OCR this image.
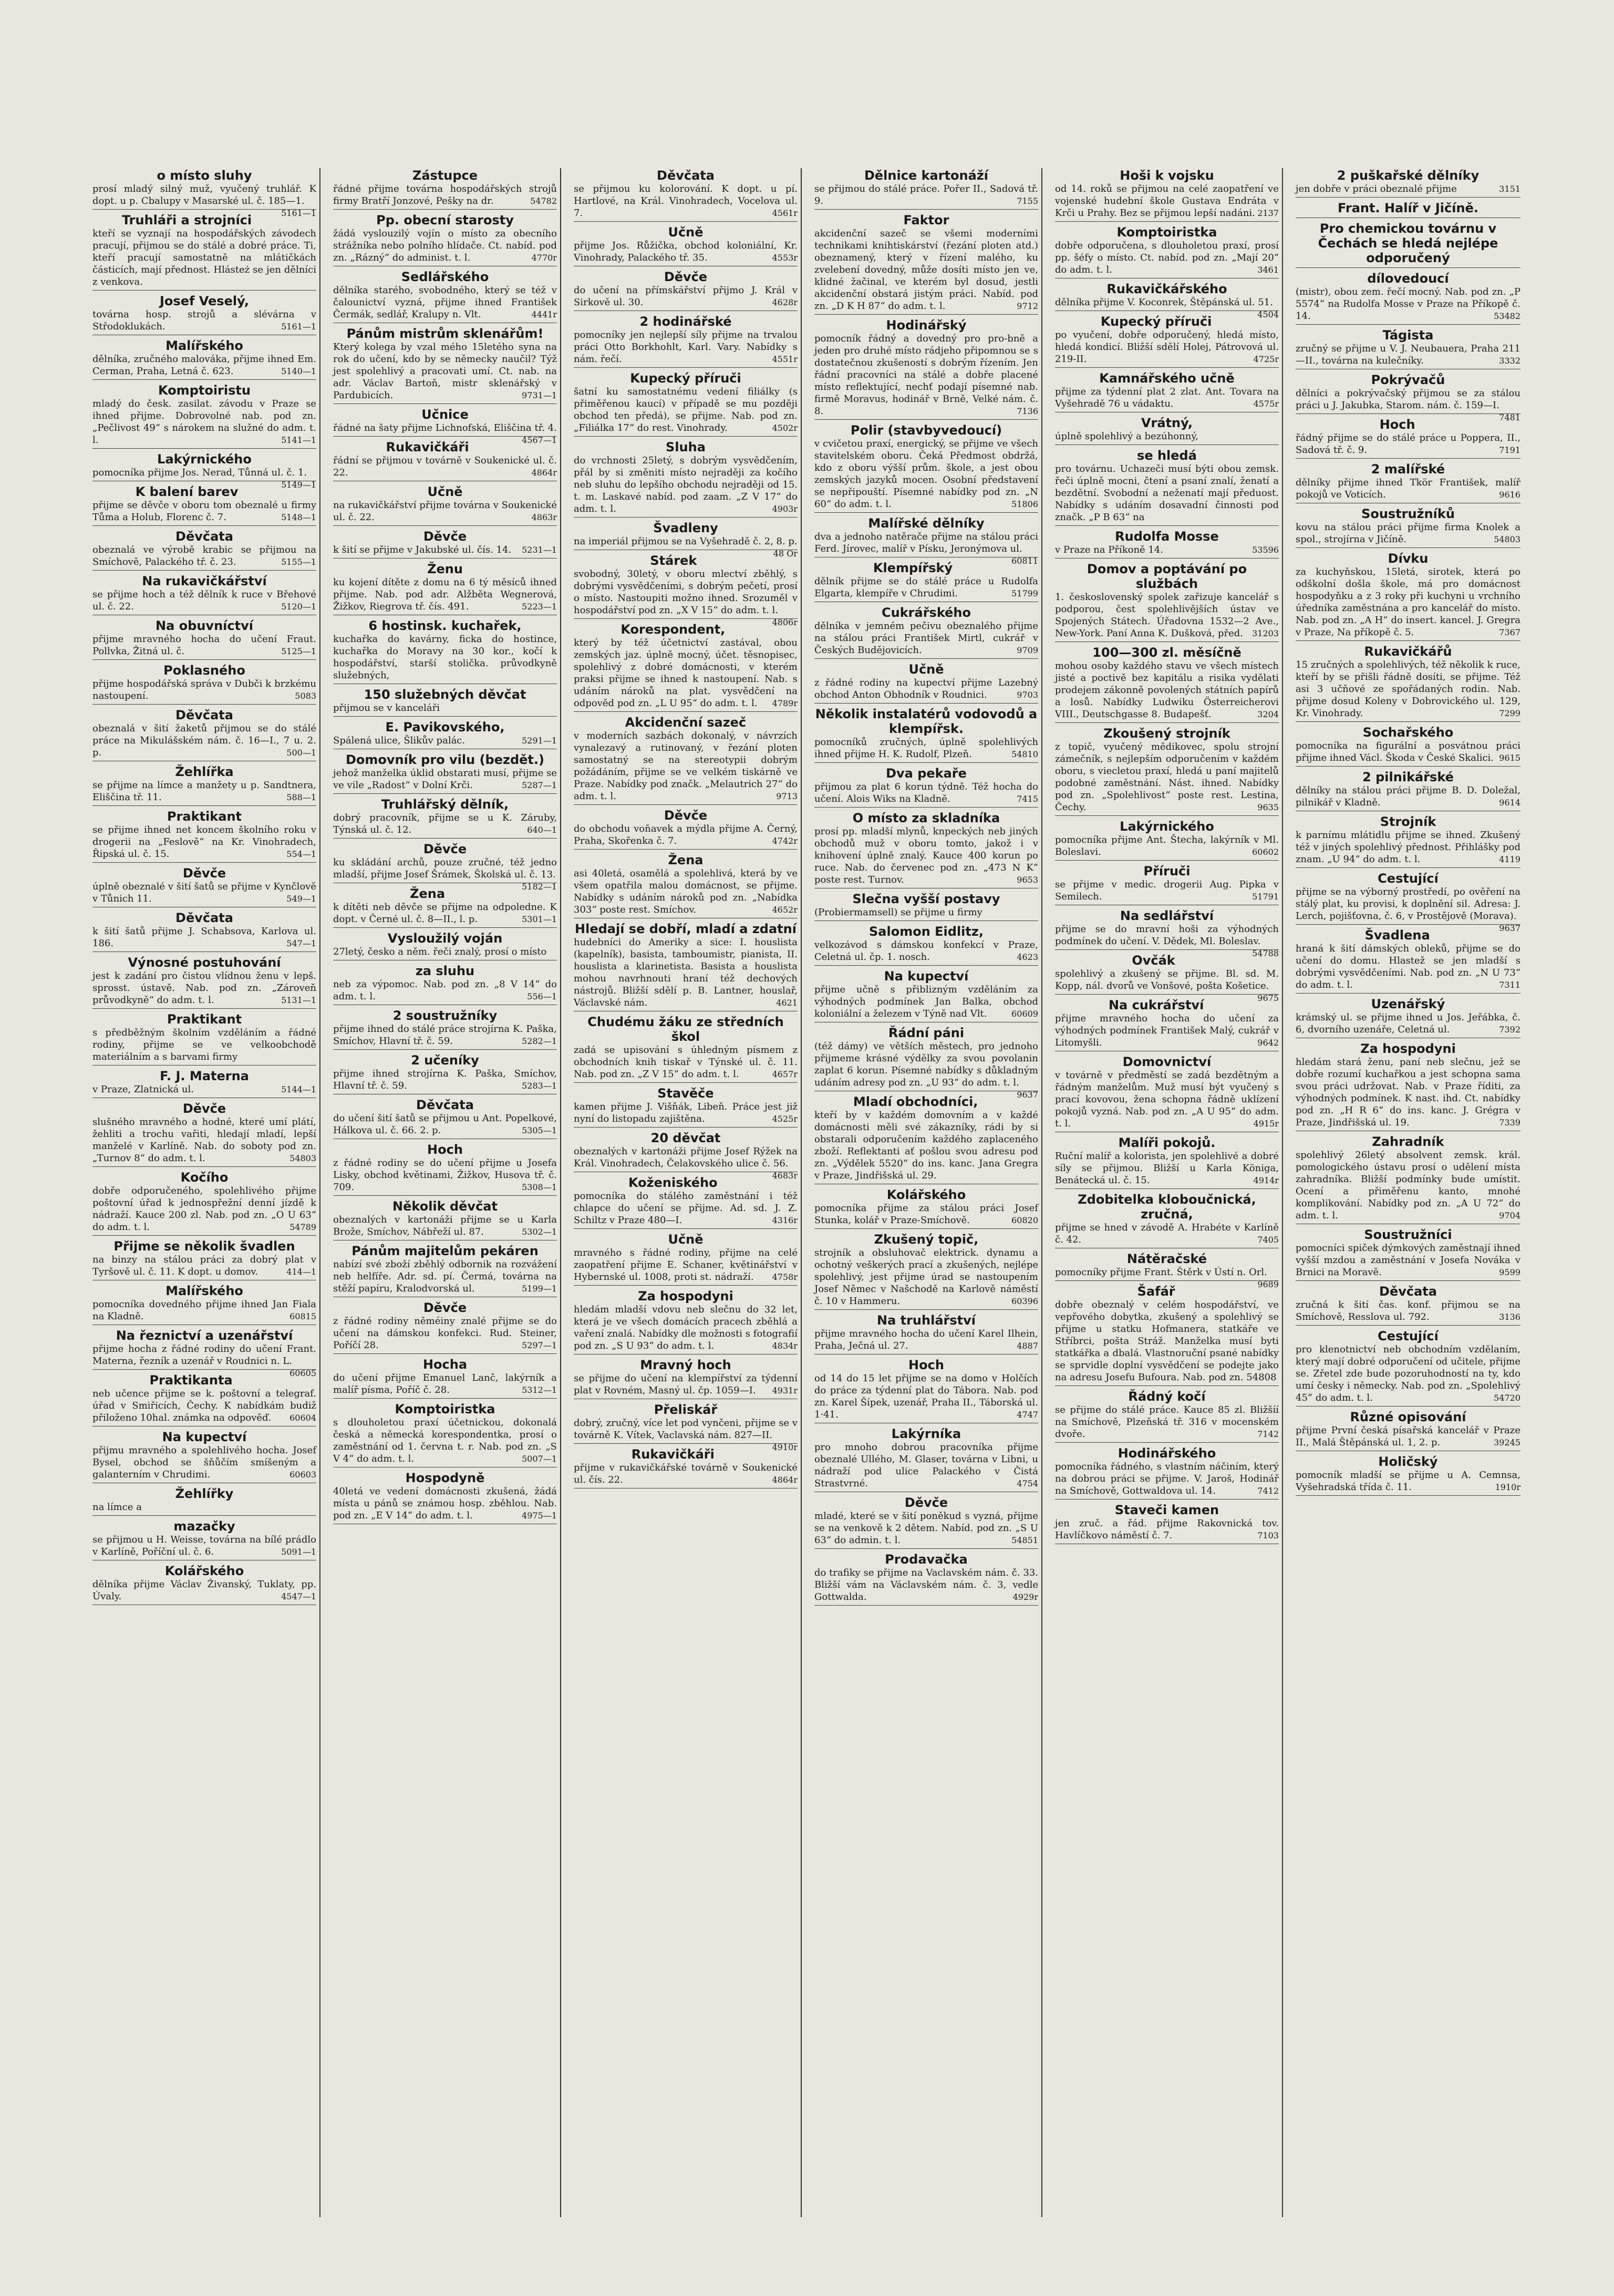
o místo sluhy
prosí mladý silný muž, vyučený truhlář. K dopt. u p. Cbalupy v Masarské ul. č. 185—1.
5161—1
Truhláři a strojníci
kteří se vyznají na hospodářských závodech pracují, přijmou se do stálé a dobré práce. Ti, kteří pracují samostatně na mlátičkách částicích, mají přednost. Hlásteż se jen dělníci z venkova.
Josef Veselý,
továrna hosp. strojů a slévárna v Střodoklukách.	5161—1
Malířského
dělníka, zručného malováka, přijme ihned Em. Cerman, Praha, Letná č. 623.	5140—1
Komptoiristu
mladý do česk. zasilat. závodu v Praze se ihned přijme. Dobrovolné nab. pod zn. „Pečlivost 49“ s nárokem na služné do adm. t. l.	5141—1
Lakýrnického
pomocníka přijme Jos. Nerad, Tůnná ul. č. 1.
5149—1
K balení barev
přijme se děvče v oboru tom obeznalé u firmy Tůma a Holub, Florenc č. 7.	5148—1
Děvčata
obeznalá ve výrobě krabic se přijmou na Smíchově, Palackého tř. č. 23.	5155—1
Na rukavičkářství
se přijme hoch a též dělník k ruce v Břehové ul. č. 22.	5120—1
Na obuvníctví
přijme mravného hocha do učení Fraut. Pollvka, Žitná ul. č.	5125—1
Poklasného
přijme hospodářská správa v Dubči k brzkému nastoupení.	5083
Děvčata
obeznalá v šití žaketů přijmou se do stálé práce na Mikulášském nám. č. 16—I., 7 u. 2. p.	500—1
Žehlířka
se přijme na límce a manžety u p. Sandtnera, Eliščina tř. 11.	588—1
Praktikant
se přijme ihned net koncem školního roku v drogerii na „Feslově“ na Kr. Vinohradech, Řipská ul. č. 15.	554—1
Děvče
úplně obeznalé v šití šatů se přijme v Kynčlově v Tůnich 11.	549—1
Děvčata
k šití šatů přijme J. Schabsova, Karlova ul. 186.	547—1
Výnosné postuhování
jest k zadání pro čistou vlídnou ženu v lepš. sprosst. ústavě. Nab. pod zn. „Zároveň průvodkyně“ do adm. t. l.	5131—1
Praktikant
s předběžným školním vzděláním a řádné rodiny, přijme se ve velkoobchodě materiálním a s barvami firmy
F. J. Materna
v Praze, Zlatnická ul.	5144—1
Děvče
slušného mravného a hodné, které umí plátí, žehliti a trochu vařiti, hledají mladí, lepší manželé v Karlíně. Nab. do soboty pod zn. „Turnov 8“ do adm. t. l.	54803
Kočího
dobře odporučeného, spolehlivého přijme poštovní úřad k jednospřežní denní jízdě k nádraží. Kauce 200 zl. Nab. pod zn. „O U 63“ do adm. t. l.	54789
Přijme se několik švadlen
na binzy na stálou práci za dobrý plat v Tyršově ul. č. 11. K dopt. u domov.	414—1
Malířského
pomocníka dovedného přijme ihned Jan Fiala na Kladně.	60815
Na řeznictví a uzenářství
přijme hocha z řádné rodiny do učení Frant. Materna, řezník a uzenář v Roudnici n. L.
60605
Praktikanta
neb učence přijme se k. poštovní a telegraf. úřad v Smiřicích, Čechy. K nabídkám budiž přiloženo 10hal. známka na odpověď. 60604
Na kupectví
přijmu mravného a spolehlivého hocha. Josef Bysel, obchod se šňůčím smíšeným a galanterním v Chrudimi.	60603
Žehlířky
na límce a
mazačky
se přijmou u H. Weisse, továrna na bílé prádlo v Karlíně, Poříční ul. č. 6.	5091—1
Kolářského
dělníka přijme Václav Živanský, Tuklaty, pp. Úvaly.	4547—1
Zástupce
řádné přijme továrna hospodářských strojů firmy Bratří Jonzové, Pešky na dr.	54782
Pp. obecní starosty
žádá vyslouzilý vojín o místo za obecního strážníka nebo polního hlídače. Ct. nabíd. pod zn. „Rázný“ do administ. t. l.	4770r
Sedlářského
dělníka starého, svobodného, který se též v čalounictví vyzná, přijme ihned František Čermák, sedlář, Kralupy n. Vlt.	4441r
Pánům mistrům sklenářům!
Který kolega by vzal mého 15letého syna na rok do učení, kdo by se německy naučil? Týž jest spolehlivý a pracovati umí. Ct. nab. na adr. Václav Bartoň, mistr sklenářský v Pardubicích.	9731—1
Učnice
řádné na šaty přijme Lichnofská, Eliščina tř. 4.
4567—1
Rukavičkáři
řádní se přijmou v továrně v Soukenické ul. č. 22.	4864r
Učně
na rukavičkářství přijme továrna v Soukenické ul. č. 22.	4863r
Děvče
k šití se přijme v Jakubské ul. čís. 14. 5231—1
Ženu
ku kojení dítěte z domu na 6 tý měsíců ihned přijme. Nab. pod adr. Alžběta Wegnerová, Žižkov, Riegrova tř. čís. 491.	5223—1
6 hostinsk. kuchařek,
kuchařka do kavárny, ficka do hostince, kuchařka do Moravy na 30 kor., kočí k hospodářství, starší stolička. průvodkyně služebných,
150 služebných děvčat
přijmou se v kanceláři
E. Pavikovského,
Spálená ulice, Šlikův palác.	5291—1
Domovník pro vilu (bezdět.)
jehož manželka úklid obstarati musí, přijme se ve vile „Radost“ v Dolní Krči.	5287—1
Truhlářský dělník,
dobrý pracovník, přijme se u K. Záruby, Týnská ul. č. 12.	640—1
Děvče
ku skládání archů, pouze zručné, též jedno mladší, přijme Josef Šrámek, Školská ul. č. 13.
5182—1
Žena
k dítěti neb děvče se přijme na odpoledne. K dopt. v Černé ul. č. 8—II., l. p.	5301—1
Vysloužilý voján
27letý, česko a něm. řeči znalý, prosí o místo
za sluhu
neb za výpomoc. Nab. pod zn. „8 V 14“ do adm. t. l.	556—1
2 soustružníky
přijme ihned do stálé práce strojírna K. Paška, Smíchov, Hlavní tř. č. 59.	5282—1
2 učeníky
přijme ihned strojírna K. Paška, Smíchov, Hlavní tř. č. 59.	5283—1
Děvčata
do učení šití šatů se přijmou u Ant. Popelkové, Hálkova ul. č. 66. 2. p.	5305—1
Hoch
z řádné rodiny se do učení přijme u Josefa Lisky, obchod květinami, Žižkov, Husova tř. č. 709.	5308—1
Několik děvčat
obeznalých v kartonáži přijme se u Karla Brože, Smíchov, Nábřeží ul. 87.	5302—1
Pánům majitelům pekáren
nabízí své zboží zběhlý odbornik na rozvážení neb helfíře. Adr. sd. pí. Čermá, továrna na stěží papíru, Kralodvorská ul.	5199—1
Děvče
z řádné rodiny něméiny znalé přijme se do učení na dámskou konfekci. Rud. Steiner, Poříčí 28.	5297—1
Hocha
do učení přijme Emanuel Lanč, lakýrník a malíř písma, Poříč č. 28.	5312—1
Komptoiristka
s dlouholetou praxí účetnickou, dokonalá česká a německá korespondentka, prosí o zaměstnání od 1. června t. r. Nab. pod zn. „S V 4“ do adm. t. l.	5007—1
Hospodyně
40letá ve vedení domácnosti zkušená, žádá místa u pánů se známou hosp. zběhlou. Nab. pod zn. „E V 14“ do adm. t. l.	4975—1
Děvčata
se přijmou ku kolorování. K dopt. u pí. Hartlové, na Král. Vinohradech, Vocelova ul. 7.	4561r
Učně
přijme Jos. Růžička, obchod koloniální, Kr. Vinohrady, Palackého tř. 35.	4553r
Děvče
do učení na přímskářství přijmo J. Král v Sirkově ul. 30.	4628r
2 hodinářské
pomocníky jen nejlepší síly přijme na trvalou práci Otto Borkhohlt, Karl. Vary. Nabídky s nám. řečí.	4551r
Kupecký příruči
šatní ku samostatnému vedení filiálky (s přiměřenou kaucí) v případě se mu později obchod ten předá), se přijme. Nab. pod zn. „Filiálka 17“ do rest. Vinohrady.	4502r
Sluha
do vrchnosti 25letý, s dobrým vysvědčením, přál by si změniti místo nejraději za kočího neb sluhu do lepšího obchodu nejraději od 15. t. m. Laskavé nabíd. pod zaam. „Z V 17“ do adm. t. l.	4903r
Švadleny
na imperiál přijmou se na Vyšehradě č. 2, 8. p.
48 Or
Stárek
svobodný, 30letý, v oboru mlectví zběhlý, s dobrými vysvědčeními, s dobrým pečetí, prosí o místo. Nastoupiti možno ihned. Srozuměl v hospodářství pod zn. „X V 15“ do adm. t. l.
4806r
Korespondent,
který by též účetnictví zastával, obou zemských jaz. úplně mocný, účet. těsnopisec, spolehlivý z dobré domácnosti, v kterém praksi přijme se ihned k nastoupení. Nab. s udáním nároků na plat. vysvědčení na odpověd pod zn. „L U 95“ do adm. t. l. 4789r
Akcidenční sazeč
v moderních sazbách dokonalý, v návrzích vynalezavý a rutinovaný, v řezání ploten samostatný se na stereotypii dobrým požádáním, přijme se ve velkém tiskárně ve Praze. Nabídky pod značk. „Melautrich 27“ do adm. t. l.	9713
Děvče
do obchodu voňavek a mýdla přijme A. Černý, Praha, Skořenka č. 7.	4742r
Žena
asi 40letá, osamělá a spolehlivá, která by ve všem opatřila malou domácnost, se přijme. Nabídky s udáním nároků pod zn. „Nabídka 303“ poste rest. Smíchov.	4652r
Hledají se dobří, mladí a zdatní
hudebníci do Ameriky a sice: I. houslista (kapelník), basista, tamboumistr, pianista, II. houslista a klarinetista. Basista a houslista mohou navrhnouti hraní též dechových nástrojů. Bližší sdělí p. B. Lantner, houslař, Václavské nám.	4621
Chudému žáku ze středních škol
zadá se upisování s úhledným písmem z obchodních knih tiskař v Týnské ul. č. 11. Nab. pod zn. „Z V 15“ do adm. t. l.	4657r
Stavěče
kamen přijme J. Višňák, Libeň. Práce jest již nyní do listopadu zajištěna.	4525r
20 děvčat
obeznalých v kartonáži přijme Josef Rýžek na Král. Vinohradech, Čelakovského ulice č. 56.
4683r
Koženiského
pomocníka do stálého zaměstnání i též chlapce do učení se přijme. Ad. sd. J. Z. Schiltz v Praze 480—I.	4316r
Učně
mravného s řádné rodiny, přijme na celé zaopatření přijme E. Schaner, květinářství v Hybernské ul. 1008, proti st. nádraží. 4758r
Za hospodyni
hledám mladší vdovu neb slečnu do 32 let, která je ve všech domácích pracech zběhlá a vaření znalá. Nabídky dle možnosti s fotografií pod zn. „S U 93“ do adm. t. l.	4834r
Mravný hoch
se přijme do učení na klempířství za týdenní plat v Rovném, Masný ul. čp. 1059—I. 4931r
Přeliskář
dobrý, zručný, více let pod vynčeni, přijme se v továrně K. Vítek, Vaclavská nám. 827—II.
4910r
Rukavičkáři
přijme v rukavičkářské továrně v Soukenické ul. čís. 22.	4864r
Dělnice kartonáží
se přijmou do stálé práce. Pořer II., Sadová tř. 9.	7155
Faktor
akcidenční sazeč se všemi moderními technikami knihtiskárství (řezání ploten atd.) obeznamený, který v řízení malého, ku zvelebení dovedný, může dosíti místo jen ve, klidné žačinal, ve kterém byl dosud, jestli akcidenční obstará jistým práci. Nabíd. pod zn. „D K H 87“ do adm. t. l.	9712
Hodinářský
pomocník řádný a dovedný pro pro-bně a jeden pro druhé místo rádjeho připomnou se s dostatečnou zkušeností s dobrým řízením. Jen řádní pracovníci na stálé a dobře placené místo reflektující, nechť podají písemné nab. firmě Moravus, hodinář v Brně, Velké nám. č. 8.	7136
Polir (stavbyvedoucí)
v cvičetou praxí, energický, se přijme ve všech stavitelském oboru. Čeká Předmost obdržá, kdo z oboru výšší prům. škole, a jest obou zemských jazyků mocen. Osobní představení se nepřipouští. Písemné nabídky pod zn. „N 60“ do adm. t. l.	51806
Malířské dělníky
dva a jednoho natěrače přijme na stálou práci Ferd. Jírovec, malíř v Písku, Jeronýmova ul.
60811
Klempířský
dělník přijme se do stálé práce u Rudolfa Elgarta, klempíře v Chrudimi.	51799
Cukrářského
dělníka v jemném pečivu obeznalého přijme na stálou práci František Mirtl, cukrář v Českých Budějovicích.	9709
Učně
z řádné rodiny na kupectví přijme Lazebný obchod Anton Obhodník v Roudnici.	9703
Několik instalatérů vodovodů a klempířsk.
pomocníků zručných, úplně spolehlivých ihned přijme H. K. Rudolf, Plzeň.	54810
Dva pekaře
přijmou za plat 6 korun týdně. Též hocha do učení. Alois Wiks na Kladně.	7415
O místo za skladníka
prosí pp. mladší mlynů, knpeckých neb jiných obchodů muž v oboru tomto, jakož i v knihovení úplně znalý. Kauce 400 korun po ruce. Nab. do červenec pod zn. „473 N K“ poste rest. Turnov.	9653
Slečna vyšší postavy
(Probiermamsell) se přijme u firmy
Salomon Eidlitz,
velkozávod s dámskou konfekcí v Praze, Celetná ul. čp. 1. nosch.	4623
Na kupectví
přijme učně s přiblizným vzděláním za výhodných podmínek Jan Balka, obchod koloniální a železem v Týně nad Vlt.	60609
Řádní páni
(též dámy) ve větších městech, pro jednoho přijmeme krásné výdělky za svou povolanin zaplat 6 korun. Písemné nabídky s důkladným udáním adresy pod zn. „U 93“ do adm. t. l.
9637
Mladí obchodníci,
kteří by v každém domovním a v každé domácnosti měli své zákazníky, rádi by si obstarali odporučením každého zaplaceného zboží. Reflektanti ať pošlou svou adresu pod zn. „Výdělek 5520“ do ins. kanc. Jana Gregra v Praze, Jindřišská ul. 29.
Kolářského
pomocníka přijme za stálou práci Josef Stunka, kolář v Praze-Smíchově.	60820
Zkušený topič,
strojník a obsluhovač elektrick. dynamu a ochotný veškerých prací a zkušených, nejlépe spolehlivý, jest přijme úrad se nastoupením Josef Němec v Našchodě na Karlově náměstí č. 10 v Hammeru.	60396
Na truhlářství
přijme mravného hocha do učení Karel Ilhein, Praha, Ječná ul. 27.	4887
Hoch
od 14 do 15 let přijme se na domo v Holčích do práce za týdenní plat do Tábora. Nab. pod zn. Karel Šípek, uzenář, Praha II., Táborská ul. 1·41.	4747
Lakýrníka
pro mnoho dobrou pracovníka přijme obeznalé Ullého, M. Glaser, továrna v Libni, u nádraží pod ulice Palackého v Čistá Strastvrné.	4754
Děvče
mladé, které se v šití poněkud s vyzná, přijme se na venkově k 2 dětem. Nabíd. pod zn. „S U 63“ do admin. t. l.	54851
Prodavačka
do trafiky se přijme na Vaclavském nám. č. 33. Bližší vám na Václavském nám. č. 3, vedle Gottwalda.	4929r
Hoši k vojsku
od 14. roků se přijmou na celé zaopatření ve vojenské hudební škole Gustava Endráta v Krči u Prahy. Bez se přijmou lepší nadáni. 2137
Komptoiristka
dobře odporučena, s dlouholetou praxí, prosí pp. šéfy o místo. Ct. nabíd. pod zn. „Mají 20“ do adm. t. l.	3461
Rukavičkářského
dělníka přijme V. Koconrek, Štěpánská ul. 51.
4504
Kupecký příruči
po vyučení, dobře odporučený, hledá místo, hledá kondicí. Bližší sdělí Holej, Pátrovová ul. 219-II.	4725r
Kamnářského učně
přijme za týdenní plat 2 zlat. Ant. Tovara na Vyšehradě 76 u vádaktu.	4575r
Vrátný,
úplně spolehlivý a bezúhonný,
se hledá
pro továrnu. Uchazeči musí býti obou zemsk. řeči úplně mocni, čtení a psaní znalí, ženatí a bezdětní. Svobodní a neženatí mají předuost. Nabídky s udáním dosavadní činnosti pod značk. „P B 63“ na
Rudolfa Mosse
v Praze na Příkoně 14.	53596
Domov a poptávání po službách
1. československý spolek zařizuje kancelář s podporou, čest spolehlivějších ústav ve Spojených Státech. Úřadovna 1532—2 Ave., New-York. Paní Anna K. Dušková, před. 31203
100—300 zl. měsíčně
mohou osoby každého stavu ve všech místech jisté a poctivě bez kapitálu a risika vydělati prodejem zákonně povolených státních papírů a losů. Nabídky Ludwiku Österreicherovi VIII., Deutschgasse 8. Budapešť.	3204
Zkoušený strojník
z topič, vyučený mědikovec, spolu strojní zámečník, s nejlepším odporučením v každém oboru, s viecletou praxí, hledá u paní majitelů podobné zaměstnání. Nást. ihned. Nabídky pod zn. „Spolehlivost“ poste rest. Lestina, Čechy.	9635
Lakýrnického
pomocníka přijme Ant. Štecha, lakýrník v Ml. Boleslavi.	60602
Příruči
se přijme v medic. drogerii Aug. Pipka v Semilech.	51791
Na sedlářství
přijme se do mravní hoši za výhodných podmínek do učení. V. Dědek, Ml. Boleslav.
54788
Ovčák
spolehlivý a zkušený se přijme. Bl. sd. M. Kopp, nál. dvorů ve Vonšové, pošta Košetice.
9675
Na cukrářství
přijme mravného hocha do učení za výhodných podmínek František Malý, cukrář v Litomyšli.	9642
Domovnictví
v továrně v předměstí se zadá bezdětným a řádným manželům. Muž musí být vyučený s prací kovovou, žena schopna řádně uklízení pokojů vyzná. Nab. pod zn. „A U 95“ do adm. t. l.	4915r
Malíři pokojů.
Ruční malíř a kolorista, jen spolehlivé a dobré síly se přijmou. Bližší u Karla Königa, Benátecká ul. č. 15.	4914r
Zdobitelka kloboučnická, zručná,
přijme se hned v závodě A. Hrabéte v Karlíně č. 42.	7405
Nátěračské
pomocníky přijme Frant. Štěrk v Ústí n. Orl.
9689
Šafář
dobře obeznalý v celém hospodářství, ve vepřového dobytka, zkušený a spolehlivý se přijme u statku Hofmanera, statkáře ve Stříbrci, pošta Stráž. Manželka musí byti statkářka a dbalá. Vlastnoruční psané nabídky se sprvidle doplní vysvědčení se podejte jako na adresu Josefu Bufoura. Nab. pod zn. 54808
Řádný kočí
se přijme do stálé práce. Kauce 85 zl. Bližšíí na Smíchově, Plzeňská tř. 316 v mocenském dvoře.	7142
Hodinářského
pomocníka řádného, s vlastním náčiním, který na dobrou práci se přijme. V. Jaroš, Hodinář na Smíchově, Gottwaldova ul. 14.	7412
Staveči kamen
jen zruč. a řád. přijme Rakovnická tov. Havlíčkovo náměstí č. 7.	7103
2 puškařské dělníky
jen dobře v práci obeznalé přijme	3151
Frant. Halíř v Jičíně.
Pro chemickou továrnu v Čechách se hledá nejlépe odporučený
dílovedoucí
(mistr), obou zem. řečí mocný. Nab. pod zn. „P 5574“ na Rudolfa Mosse v Praze na Příkopě č. 14.	53482
Tágista
zručný se přijme u V. J. Neubauera, Praha 211—II., továrna na kulečníky.	3332
Pokrývačů
dělníci a pokrývačský přijmou se za stálou práci u J. Jakubka, Starom. nám. č. 159—I.
7481
Hoch
řádný přijme se do stálé práce u Poppera, II., Sadová tř. č. 9.	7191
2 malířské
dělníky přijme ihned Tkör František, malíř pokojů ve Voticích.	9616
Soustružníků
kovu na stálou práci přijme firma Knolek a spol., strojírna v Jičíně.	54803
Dívku
za kuchyňskou, 15letá, sirotek, která po odškolní došla škole, má pro domácnost hospodyňku a z 3 roky při kuchyni u vrchního úředníka zaměstnána a pro kancelář do místo. Nab. pod zn. „A H“ do insert. kancel. J. Gregra v Praze, Na příkopě č. 5.	7367
Rukavičkářů
15 zručných a spolehlivých, též několik k ruce, kteří by se přišli řádně dosíti, se přijme. Též asi 3 učňové ze spořádaných rodin. Nab. přijme dosud Koleny v Dobrovického ul. 129, Kr. Vinohrady.	7299
Sochařského
pomocníka na figurální a posvátnou práci přijme ihned Václ. Škoda v České Skalici. 9615
2 pilnikářské
dělníky na stálou práci přijme B. D. Doležal, pilnikář v Kladně.	9614
Strojník
k parnímu mlátidlu přijme se ihned. Zkušený též v jiných spolehlivý přednost. Přihlášky pod znam. „U 94“ do adm. t. l.	4119
Cestující
přijme se na výborný prostředí, po ověření na stálý plat, ku provisi, k doplnění sil. Adresa: J. Lerch, pojišťovna, č. 6, v Prostějově (Morava).
9637
Švadlena
hraná k šití dámských obleků, přijme se do učení do domu. Hlastež se jen mladší s dobrými vysvědčeními. Nab. pod zn. „N U 73“ do adm. t. l.	7311
Uzenářský
krámský ul. se přijme ihned u Jos. Jeřábka, č. 6, dvorního uzenáře, Celetná ul.	7392
Za hospodyni
hledám stará ženu, paní neb slečnu, jež se dobře rozumí kuchařkou a jest schopna sama svou práci udržovat. Nab. v Praze říditi, za výhodných podmínek. K nast. ihd. Ct. nabídky pod zn. „H R 6“ do ins. kanc. J. Grégra v Praze, Jindřišská ul. 19.	7339
Zahradník
spolehlivý 26letý absolvent zemsk. král. pomologického ústavu prosí o udělení místa zahradníka. Bližší podmínky bude umístit. Ocení a přiměřenu kanto, mnohé komplikování. Nabídky pod zn. „A U 72“ do adm. t. l.	9704
Soustružníci
pomocníci spiček dýmkových zaměstnají ihned vyšší mzdou a zaměstnání v Josefa Nováka v Brnici na Moravě.	9599
Děvčata
zručná k šití čas. konf. přijmou se na Smíchově, Resslova ul. 792.	3136
Cestující
pro klenotnictví neb obchodním vzdělaním, který mají dobré odporučení od učitele, přijme se. Zřetel zde bude pozoruhodností na ty, kdo umí česky i německy. Nab. pod zn. „Spolehlivý 45“ do adm. t. l.	54720
Různé opisování
přijme První česká písařská kancelář v Praze II., Malá Štěpánská ul. 1, 2. p.	39245
Holičský
pomocník mladší se přijme u A. Cemnsa, Vyšehradská třída č. 11.	1910r
